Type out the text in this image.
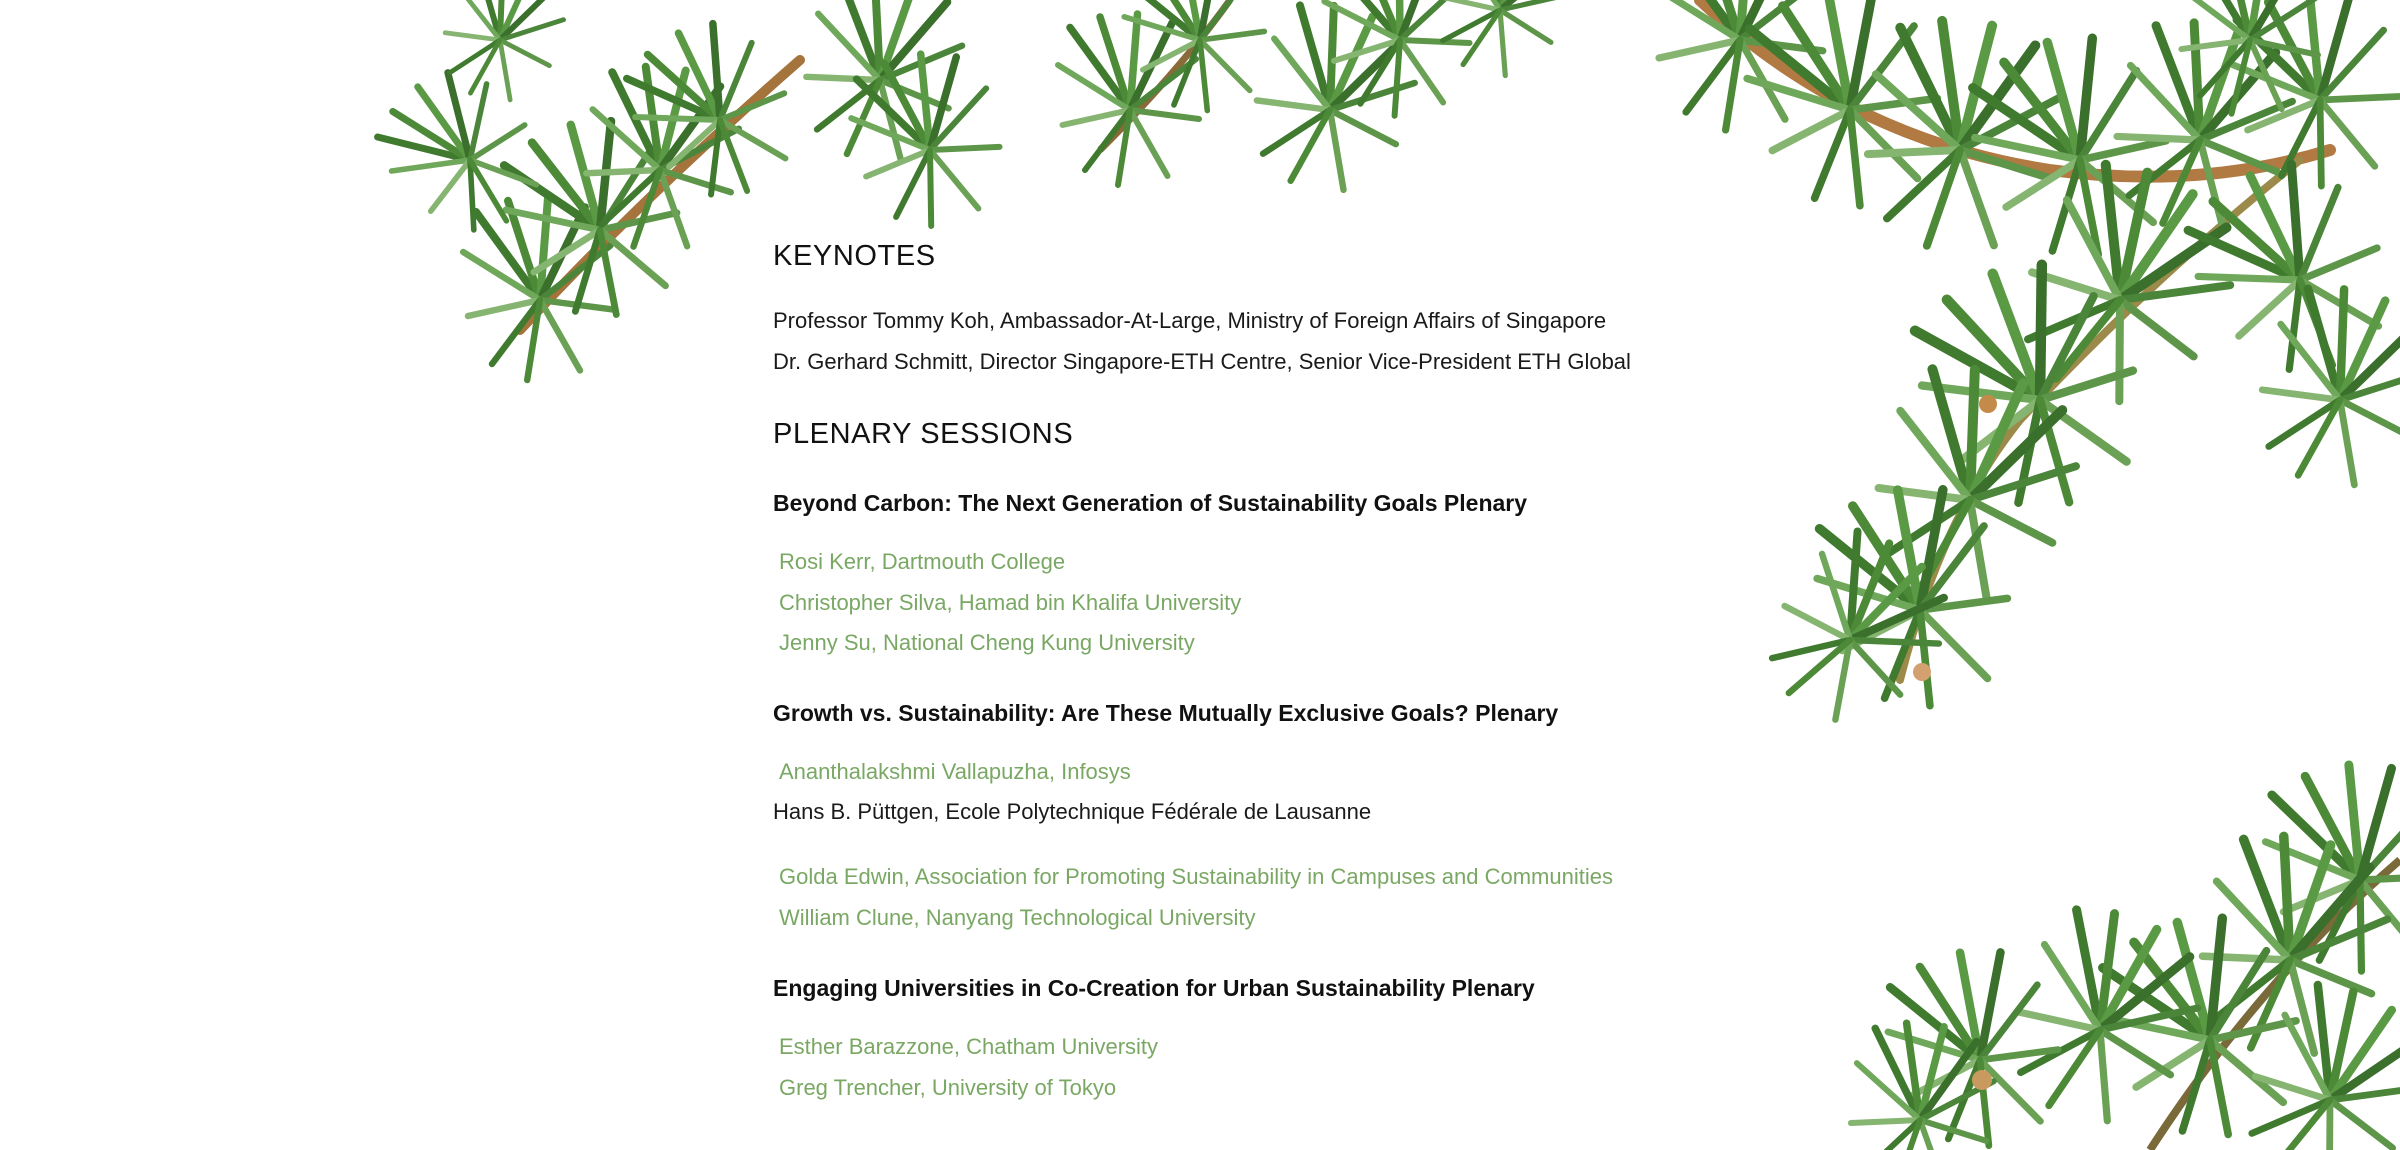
KEYNOTES
Professor Tommy Koh, Ambassador-At-Large, Ministry of Foreign Affairs of Singapore
Dr. Gerhard Schmitt, Director Singapore-ETH Centre, Senior Vice-President ETH Global
PLENARY SESSIONS
Beyond Carbon: The Next Generation of Sustainability Goals Plenary
Rosi Kerr, Dartmouth College
Christopher Silva, Hamad bin Khalifa University
Jenny Su, National Cheng Kung University
Growth vs. Sustainability: Are These Mutually Exclusive Goals? Plenary
Ananthalakshmi Vallapuzha, Infosys
Hans B. Püttgen, Ecole Polytechnique Fédérale de Lausanne
Golda Edwin, Association for Promoting Sustainability in Campuses and Communities
William Clune, Nanyang Technological University
Engaging Universities in Co-Creation for Urban Sustainability Plenary
Esther Barazzone, Chatham University
Greg Trencher, University of Tokyo
